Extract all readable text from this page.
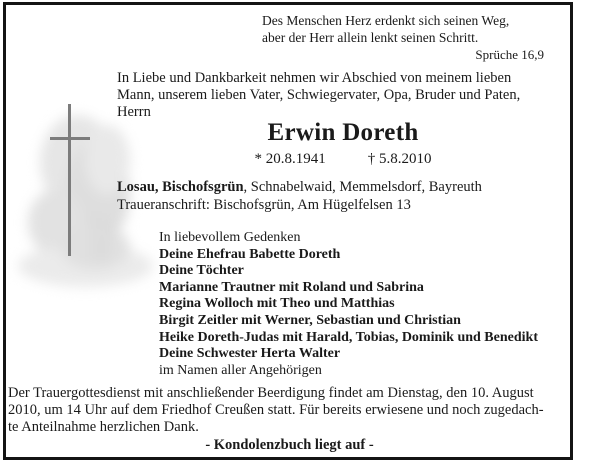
Des Menschen Herz erdenkt sich seinen Weg,
aber der Herr allein lenkt seinen Schritt.
Sprüche 16,9
In Liebe und Dankbarkeit nehmen wir Abschied von meinem lieben
Mann, unserem lieben Vater, Schwiegervater, Opa, Bruder und Paten,
Herrn
Erwin Doreth
* 20.8.1941	† 5.8.2010
Losau, Bischofsgrün, Schnabelwaid, Memmelsdorf, Bayreuth
Traueranschrift: Bischofsgrün, Am Hügelfelsen 13
In liebevollem Gedenken
Deine Ehefrau Babette Doreth
Deine Töchter
Marianne Trautner mit Roland und Sabrina
Regina Wolloch mit Theo und Matthias
Birgit Zeitler mit Werner, Sebastian und Christian
Heike Doreth-Judas mit Harald, Tobias, Dominik und Benedikt
Deine Schwester Herta Walter
im Namen aller Angehörigen
Der Trauergottesdienst mit anschließender Beerdigung findet am Dienstag, den 10. August
2010, um 14 Uhr auf dem Friedhof Creußen statt. Für bereits erwiesene und noch zugedach-
te Anteilnahme herzlichen Dank.
- Kondolenzbuch liegt auf -
